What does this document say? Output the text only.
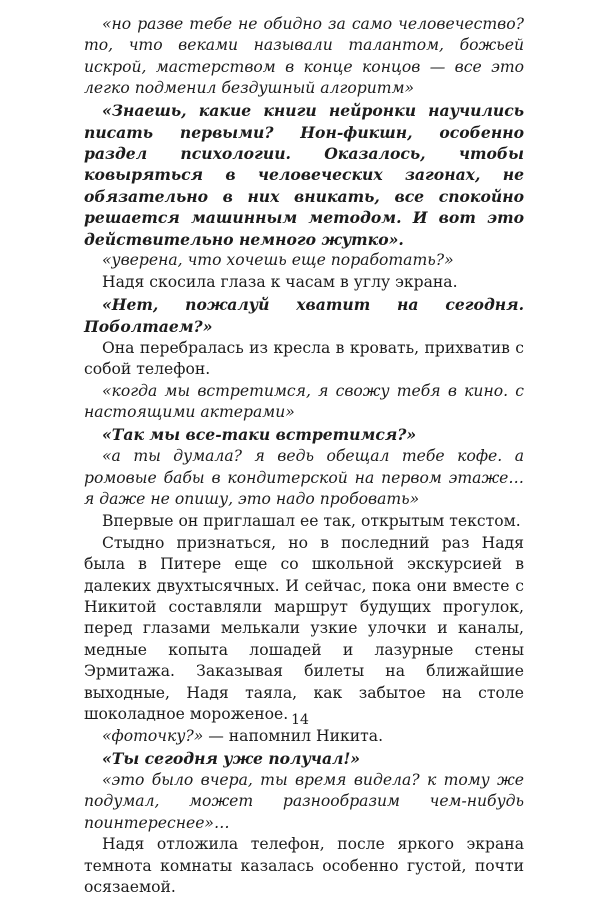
«но разве тебе не обидно за само человечество? то, что веками называли талантом, божьей искрой, мастерством в конце концов — все это легко подменил бездушный алгоритм»

«Знаешь, какие книги нейронки научились писать первыми? Нон-фикшн, особенно раздел психологии. Оказалось, чтобы ковыряться в человеческих загонах, не обязательно в них вникать, все спокойно решается машинным методом. И вот это действительно немного жутко».

«уверена, что хочешь еще поработать?»

Надя скосила глаза к часам в углу экрана.

«Нет, пожалуй хватит на сегодня. Поболтаем?»

Она перебралась из кресла в кровать, прихватив с собой телефон.

«когда мы встретимся, я свожу тебя в кино. с настоящими актерами»

«Так мы все-таки встретимся?»

«а ты думала? я ведь обещал тебе кофе. а ромовые бабы в кондитерской на первом этаже… я даже не опишу, это надо пробовать»

Впервые он приглашал ее так, открытым текстом.

Стыдно признаться, но в последний раз Надя была в Питере еще со школьной экскурсией в далеких двухтысячных. И сейчас, пока они вместе с Никитой составляли маршрут будущих прогулок, перед глазами мелькали узкие улочки и каналы, медные копыта лошадей и лазурные стены Эрмитажа. Заказывая билеты на ближайшие выходные, Надя таяла, как забытое на столе шоколадное мороженое.

«фоточку?» — напомнил Никита.

«Ты сегодня уже получал!»

«это было вчера, ты время видела? к тому же подумал, может разнообразим чем-нибудь поинтереснее»…

Надя отложила телефон, после яркого экрана темнота комнаты казалась особенно густой, почти осязаемой.

14
